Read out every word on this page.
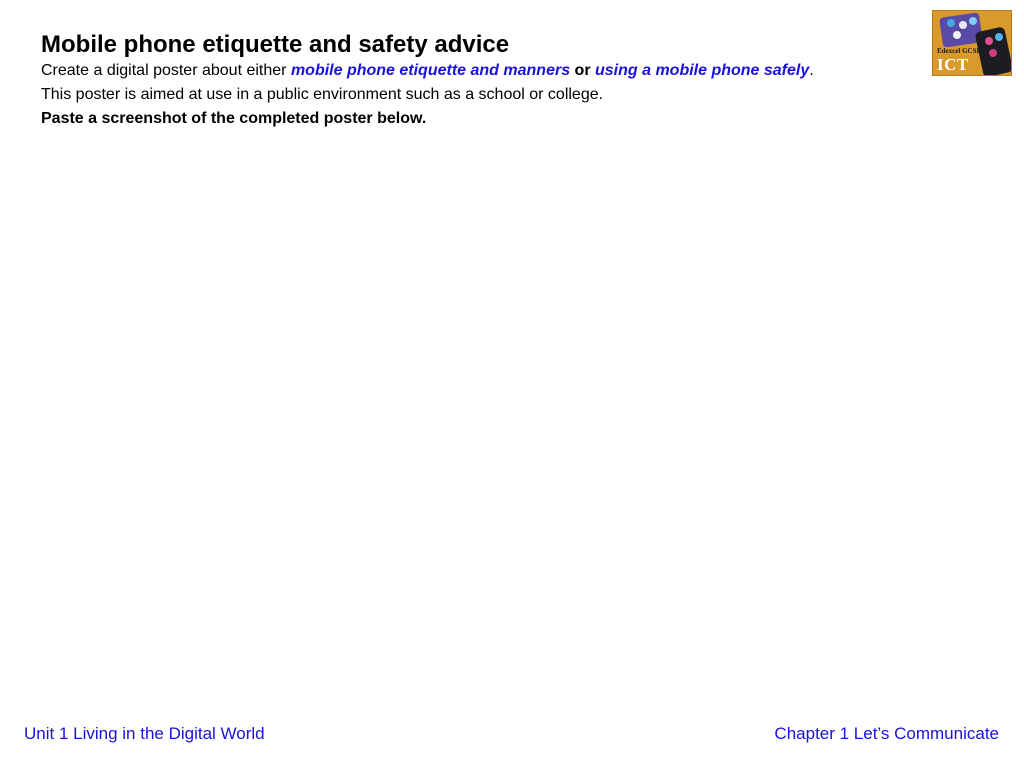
Mobile phone etiquette and safety advice

Create a digital poster about either mobile phone etiquette and manners or using a mobile phone safely.

This poster is aimed at use in a public environment such as a school or college.

Paste a screenshot of the completed poster below.

Edexcel GCSE
ICT
Unit 1 Living in the Digital World	Chapter 1 Let’s Communicate
